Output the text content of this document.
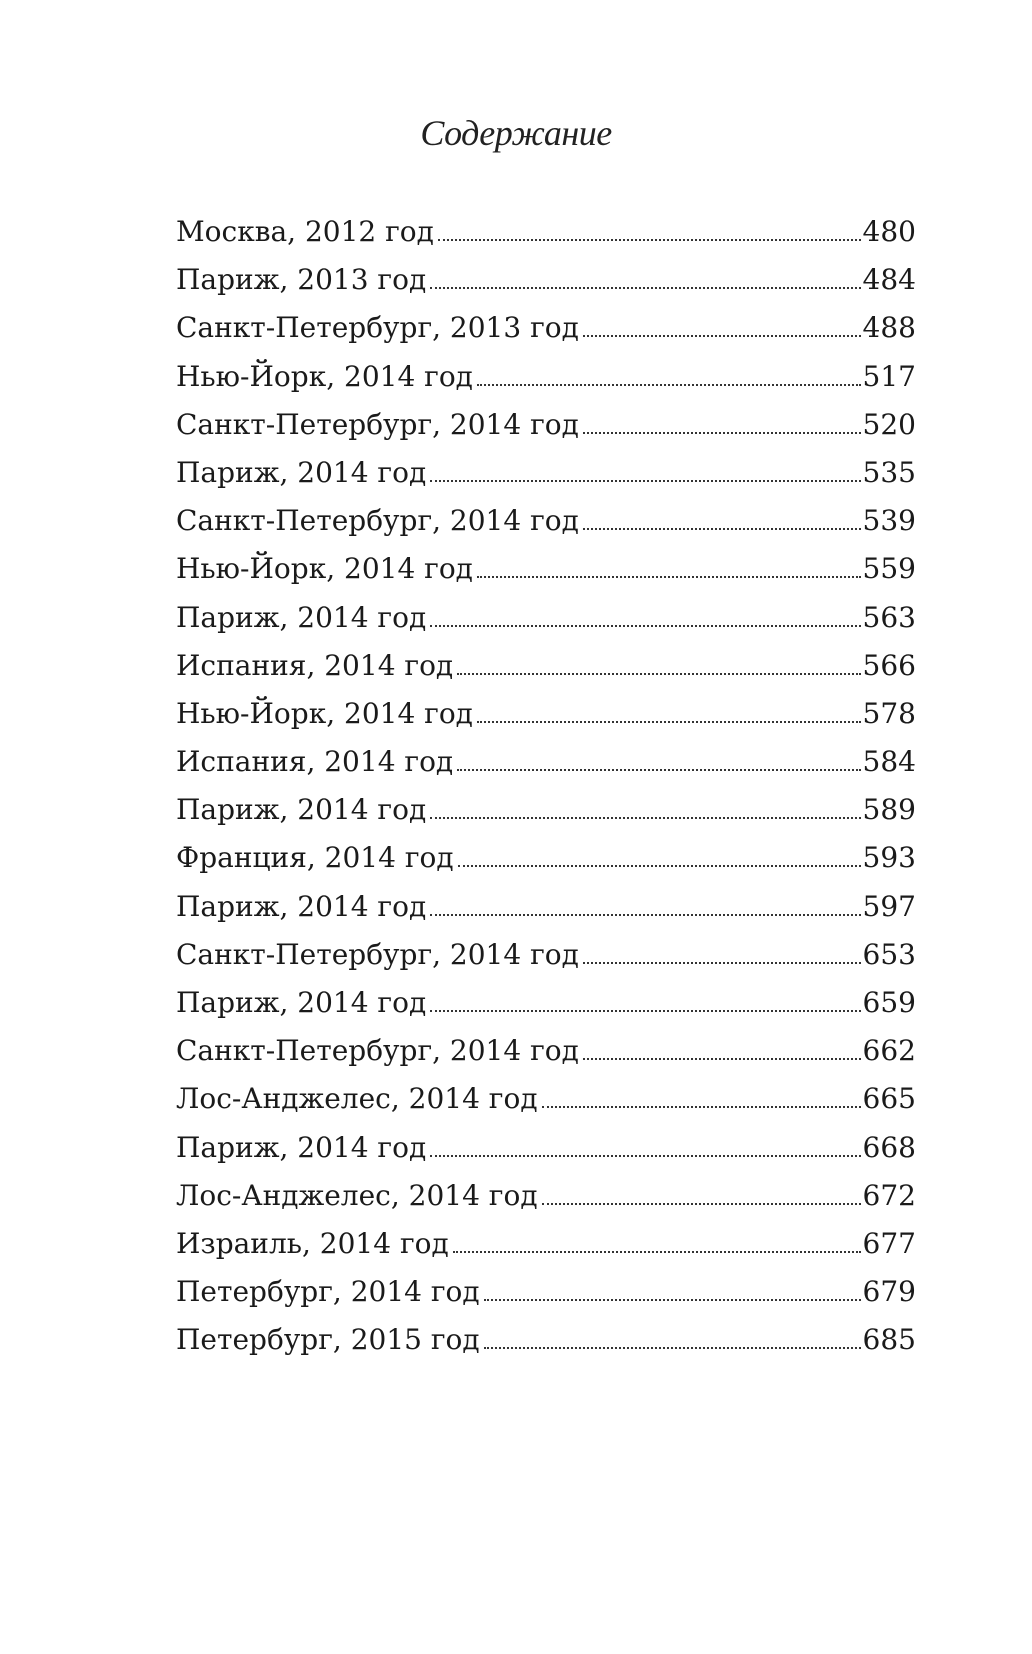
Содержание
Москва, 2012 год	480
Париж, 2013 год	484
Санкт-Петербург, 2013 год	488
Нью-Йорк, 2014 год	517
Санкт-Петербург, 2014 год	520
Париж, 2014 год	535
Санкт-Петербург, 2014 год	539
Нью-Йорк, 2014 год	559
Париж, 2014 год	563
Испания, 2014 год	566
Нью-Йорк, 2014 год	578
Испания, 2014 год	584
Париж, 2014 год	589
Франция, 2014 год	593
Париж, 2014 год	597
Санкт-Петербург, 2014 год	653
Париж, 2014 год	659
Санкт-Петербург, 2014 год	662
Лос-Анджелес, 2014 год	665
Париж, 2014 год	668
Лос-Анджелес, 2014 год	672
Израиль, 2014 год	677
Петербург, 2014 год	679
Петербург, 2015 год	685
